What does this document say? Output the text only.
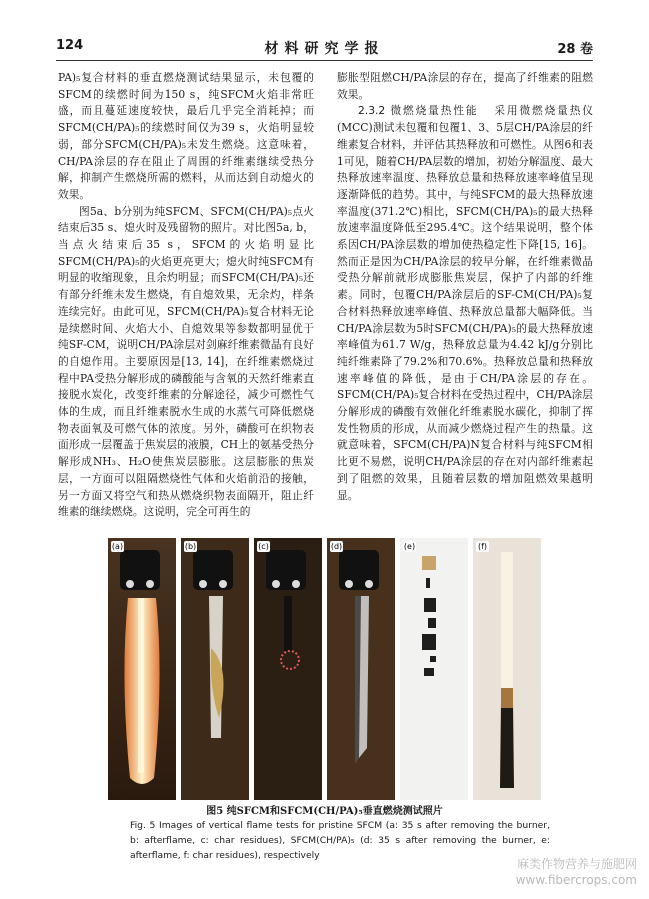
124	材料研究学报	28 卷

PA)₅复合材料的垂直燃烧测试结果显示，未包覆的SFCM的续燃时间为150 s，纯SFCM火焰非常旺盛，而且蔓延速度较快，最后几乎完全消耗掉；而SFCM(CH/PA)₅的续燃时间仅为39 s，火焰明显较弱，部分SFCM(CH/PA)₅未发生燃烧。这意味着，CH/PA涂层的存在阻止了周围的纤维素继续受热分解，抑制产生燃烧所需的燃料，从而达到自动熄火的效果。

图5a、b分别为纯SFCM、SFCM(CH/PA)₅点火结束后35 s、熄火时及残留物的照片。对比图5a, b，当点火结束后35 s，SFCM的火焰明显比SFCM(CH/PA)₅的火焰更亮更大；熄火时纯SFCM有明显的收缩现象，且余灼明显；而SFCM(CH/PA)₅还有部分纤维未发生燃烧，有自熄效果，无余灼，样条连续完好。由此可见，SFCM(CH/PA)₅复合材料无论是续燃时间、火焰大小、自熄效果等参数都明显优于纯SF-CM，说明CH/PA涂层对剑麻纤维素微晶有良好的自熄作用。主要原因是[13, 14]，在纤维素燃烧过程中PA受热分解形成的磷酸能与含氧的天然纤维素直接脱水炭化，改变纤维素的分解途径，减少可燃性气体的生成，而且纤维素脱水生成的水蒸气可降低燃烧物表面氧及可燃气体的浓度。另外，磷酸可在织物表面形成一层覆盖于焦炭层的液膜，CH上的氨基受热分解形成NH₃、H₂O使焦炭层膨胀。这层膨胀的焦炭层，一方面可以阻隔燃烧性气体和火焰前沿的接触，另一方面又将空气和热从燃烧织物表面隔开，阻止纤维素的继续燃烧。这说明，完全可再生的

膨胀型阻燃CH/PA涂层的存在，提高了纤维素的阻燃效果。

2.3.2 微燃烧量热性能 采用微燃烧量热仪(MCC)测试未包覆和包覆1、3、5层CH/PA涂层的纤维素复合材料，并评估其热释放和可燃性。从图6和表1可见，随着CH/PA层数的增加，初始分解温度、最大热释放速率温度、热释放总量和热释放速率峰值呈现逐渐降低的趋势。其中，与纯SFCM的最大热释放速率温度(371.2℃)相比，SFCM(CH/PA)₅的最大热释放速率温度降低至295.4℃。这个结果说明，整个体系因CH/PA涂层数的增加使热稳定性下降[15, 16]。然而正是因为CH/PA涂层的较早分解，在纤维素微晶受热分解前就形成膨胀焦炭层，保护了内部的纤维素。同时，包覆CH/PA涂层后的SF-CM(CH/PA)₅复合材料热释放速率峰值、热释放总量都大幅降低。当CH/PA涂层数为5时SFCM(CH/PA)₅的最大热释放速率峰值为61.7 W/g，热释放总量为4.42 kJ/g分别比纯纤维素降了79.2%和70.6%。热释放总量和热释放速率峰值的降低，是由于CH/PA涂层的存在。SFCM(CH/PA)₅复合材料在受热过程中，CH/PA涂层分解形成的磷酸有效催化纤维素脱水碳化，抑制了挥发性物质的形成，从而减少燃烧过程产生的热量。这就意味着，SFCM(CH/PA)N复合材料与纯SFCM相比更不易燃，说明CH/PA涂层的存在对内部纤维素起到了阻燃的效果，且随着层数的增加阻燃效果越明显。

(a)	(b)	(c)	(d)	(e)	(f)
图5 纯SFCM和SFCM(CH/PA)₅垂直燃烧测试照片
Fig. 5 Images of vertical flame tests for pristine SFCM (a: 35 s after removing the burner, b: afterflame, c: char residues), SFCM(CH/PA)₅ (d: 35 s after removing the burner, e: afterflame, f: char residues), respectively
麻类作物营养与施肥网
www.fibercrops.com
